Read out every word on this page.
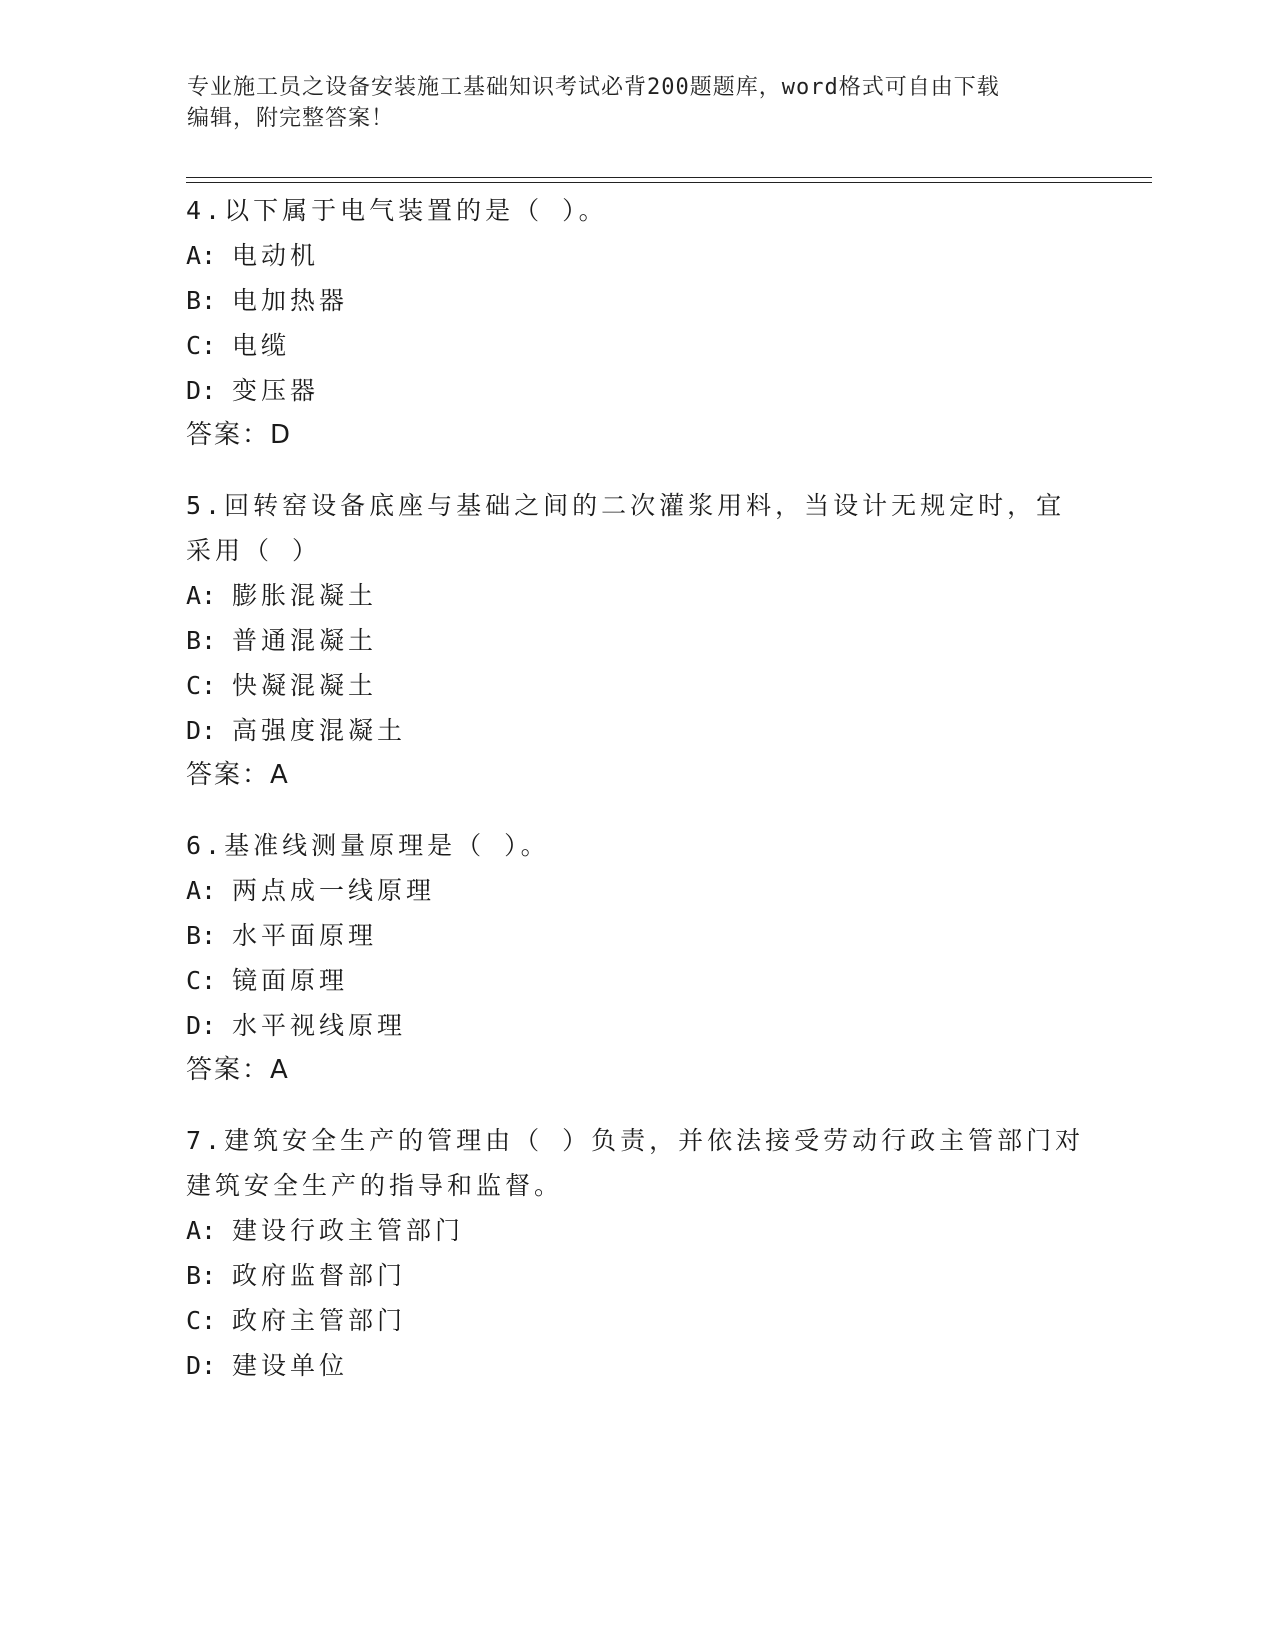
专业施工员之设备安装施工基础知识考试必背200题题库，word格式可自由下载
编辑，附完整答案！
4.以下属于电气装置的是（ ）。
A: 电动机
B: 电加热器
C: 电缆
D: 变压器
答案：D
5.回转窑设备底座与基础之间的二次灌浆用料，当设计无规定时，宜
采用（ ）
A: 膨胀混凝土
B: 普通混凝土
C: 快凝混凝土
D: 高强度混凝土
答案：A
6.基准线测量原理是（ ）。
A: 两点成一线原理
B: 水平面原理
C: 镜面原理
D: 水平视线原理
答案：A
7.建筑安全生产的管理由（ ）负责，并依法接受劳动行政主管部门对
建筑安全生产的指导和监督。
A: 建设行政主管部门
B: 政府监督部门
C: 政府主管部门
D: 建设单位
